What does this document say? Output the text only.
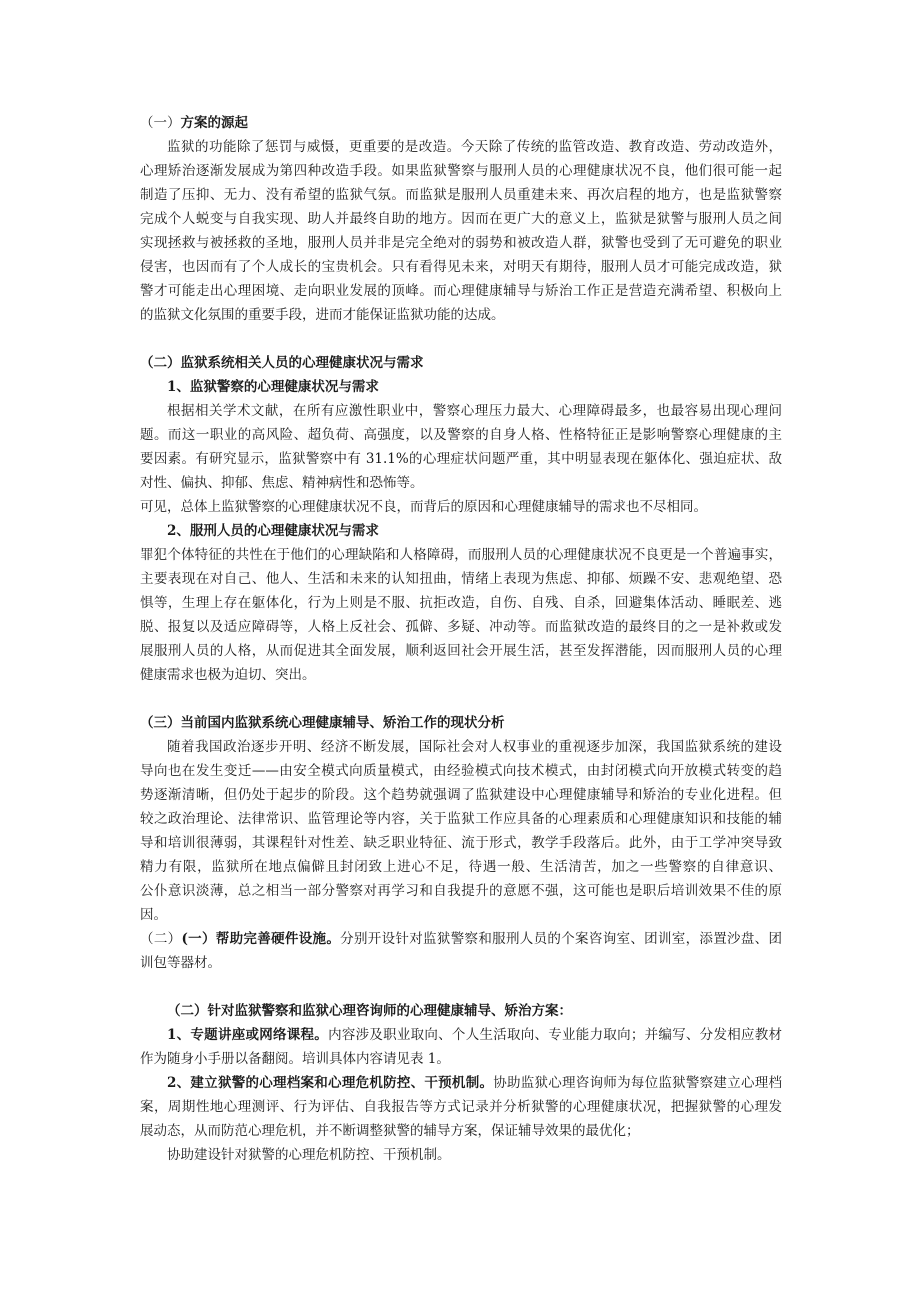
（一）方案的源起
监狱的功能除了惩罚与威慑，更重要的是改造。今天除了传统的监管改造、教育改造、劳动改造外，
心理矫治逐渐发展成为第四种改造手段。如果监狱警察与服刑人员的心理健康状况不良，他们很可能一起
制造了压抑、无力、没有希望的监狱气氛。而监狱是服刑人员重建未来、再次启程的地方，也是监狱警察
完成个人蜕变与自我实现、助人并最终自助的地方。因而在更广大的意义上，监狱是狱警与服刑人员之间
实现拯救与被拯救的圣地，服刑人员并非是完全绝对的弱势和被改造人群，狱警也受到了无可避免的职业
侵害，也因而有了个人成长的宝贵机会。只有看得见未来，对明天有期待，服刑人员才可能完成改造，狱
警才可能走出心理困境、走向职业发展的顶峰。而心理健康辅导与矫治工作正是营造充满希望、积极向上
的监狱文化氛围的重要手段，进而才能保证监狱功能的达成。
（二）监狱系统相关人员的心理健康状况与需求
1、监狱警察的心理健康状况与需求
根据相关学术文献，在所有应激性职业中，警察心理压力最大、心理障碍最多，也最容易出现心理问
题。而这一职业的高风险、超负荷、高强度，以及警察的自身人格、性格特征正是影响警察心理健康的主
要因素。有研究显示，监狱警察中有 31.1%的心理症状问题严重，其中明显表现在躯体化、强迫症状、敌
对性、偏执、抑郁、焦虑、精神病性和恐怖等。
可见，总体上监狱警察的心理健康状况不良，而背后的原因和心理健康辅导的需求也不尽相同。
2、服刑人员的心理健康状况与需求
罪犯个体特征的共性在于他们的心理缺陷和人格障碍，而服刑人员的心理健康状况不良更是一个普遍事实，
主要表现在对自己、他人、生活和未来的认知扭曲，情绪上表现为焦虑、抑郁、烦躁不安、悲观绝望、恐
惧等，生理上存在躯体化，行为上则是不服、抗拒改造，自伤、自残、自杀，回避集体活动、睡眠差、逃
脱、报复以及适应障碍等，人格上反社会、孤僻、多疑、冲动等。而监狱改造的最终目的之一是补救或发
展服刑人员的人格，从而促进其全面发展，顺利返回社会开展生活，甚至发挥潜能，因而服刑人员的心理
健康需求也极为迫切、突出。
（三）当前国内监狱系统心理健康辅导、矫治工作的现状分析
随着我国政治逐步开明、经济不断发展，国际社会对人权事业的重视逐步加深，我国监狱系统的建设
导向也在发生变迁——由安全模式向质量模式，由经验模式向技术模式，由封闭模式向开放模式转变的趋
势逐渐清晰，但仍处于起步的阶段。这个趋势就强调了监狱建设中心理健康辅导和矫治的专业化进程。但
较之政治理论、法律常识、监管理论等内容，关于监狱工作应具备的心理素质和心理健康知识和技能的辅
导和培训很薄弱，其课程针对性差、缺乏职业特征、流于形式，教学手段落后。此外，由于工学冲突导致
精力有限，监狱所在地点偏僻且封闭致上进心不足，待遇一般、生活清苦，加之一些警察的自律意识、
公仆意识淡薄，总之相当一部分警察对再学习和自我提升的意愿不强，这可能也是职后培训效果不佳的原
因。
（二）(一）帮助完善硬件设施。分别开设针对监狱警察和服刑人员的个案咨询室、团训室，添置沙盘、团
训包等器材。
（二）针对监狱警察和监狱心理咨询师的心理健康辅导、矫治方案：
1、专题讲座或网络课程。内容涉及职业取向、个人生活取向、专业能力取向；并编写、分发相应教材
作为随身小手册以备翻阅。培训具体内容请见表 1。
2、建立狱警的心理档案和心理危机防控、干预机制。协助监狱心理咨询师为每位监狱警察建立心理档
案，周期性地心理测评、行为评估、自我报告等方式记录并分析狱警的心理健康状况，把握狱警的心理发
展动态，从而防范心理危机，并不断调整狱警的辅导方案，保证辅导效果的最优化；
协助建设针对狱警的心理危机防控、干预机制。
